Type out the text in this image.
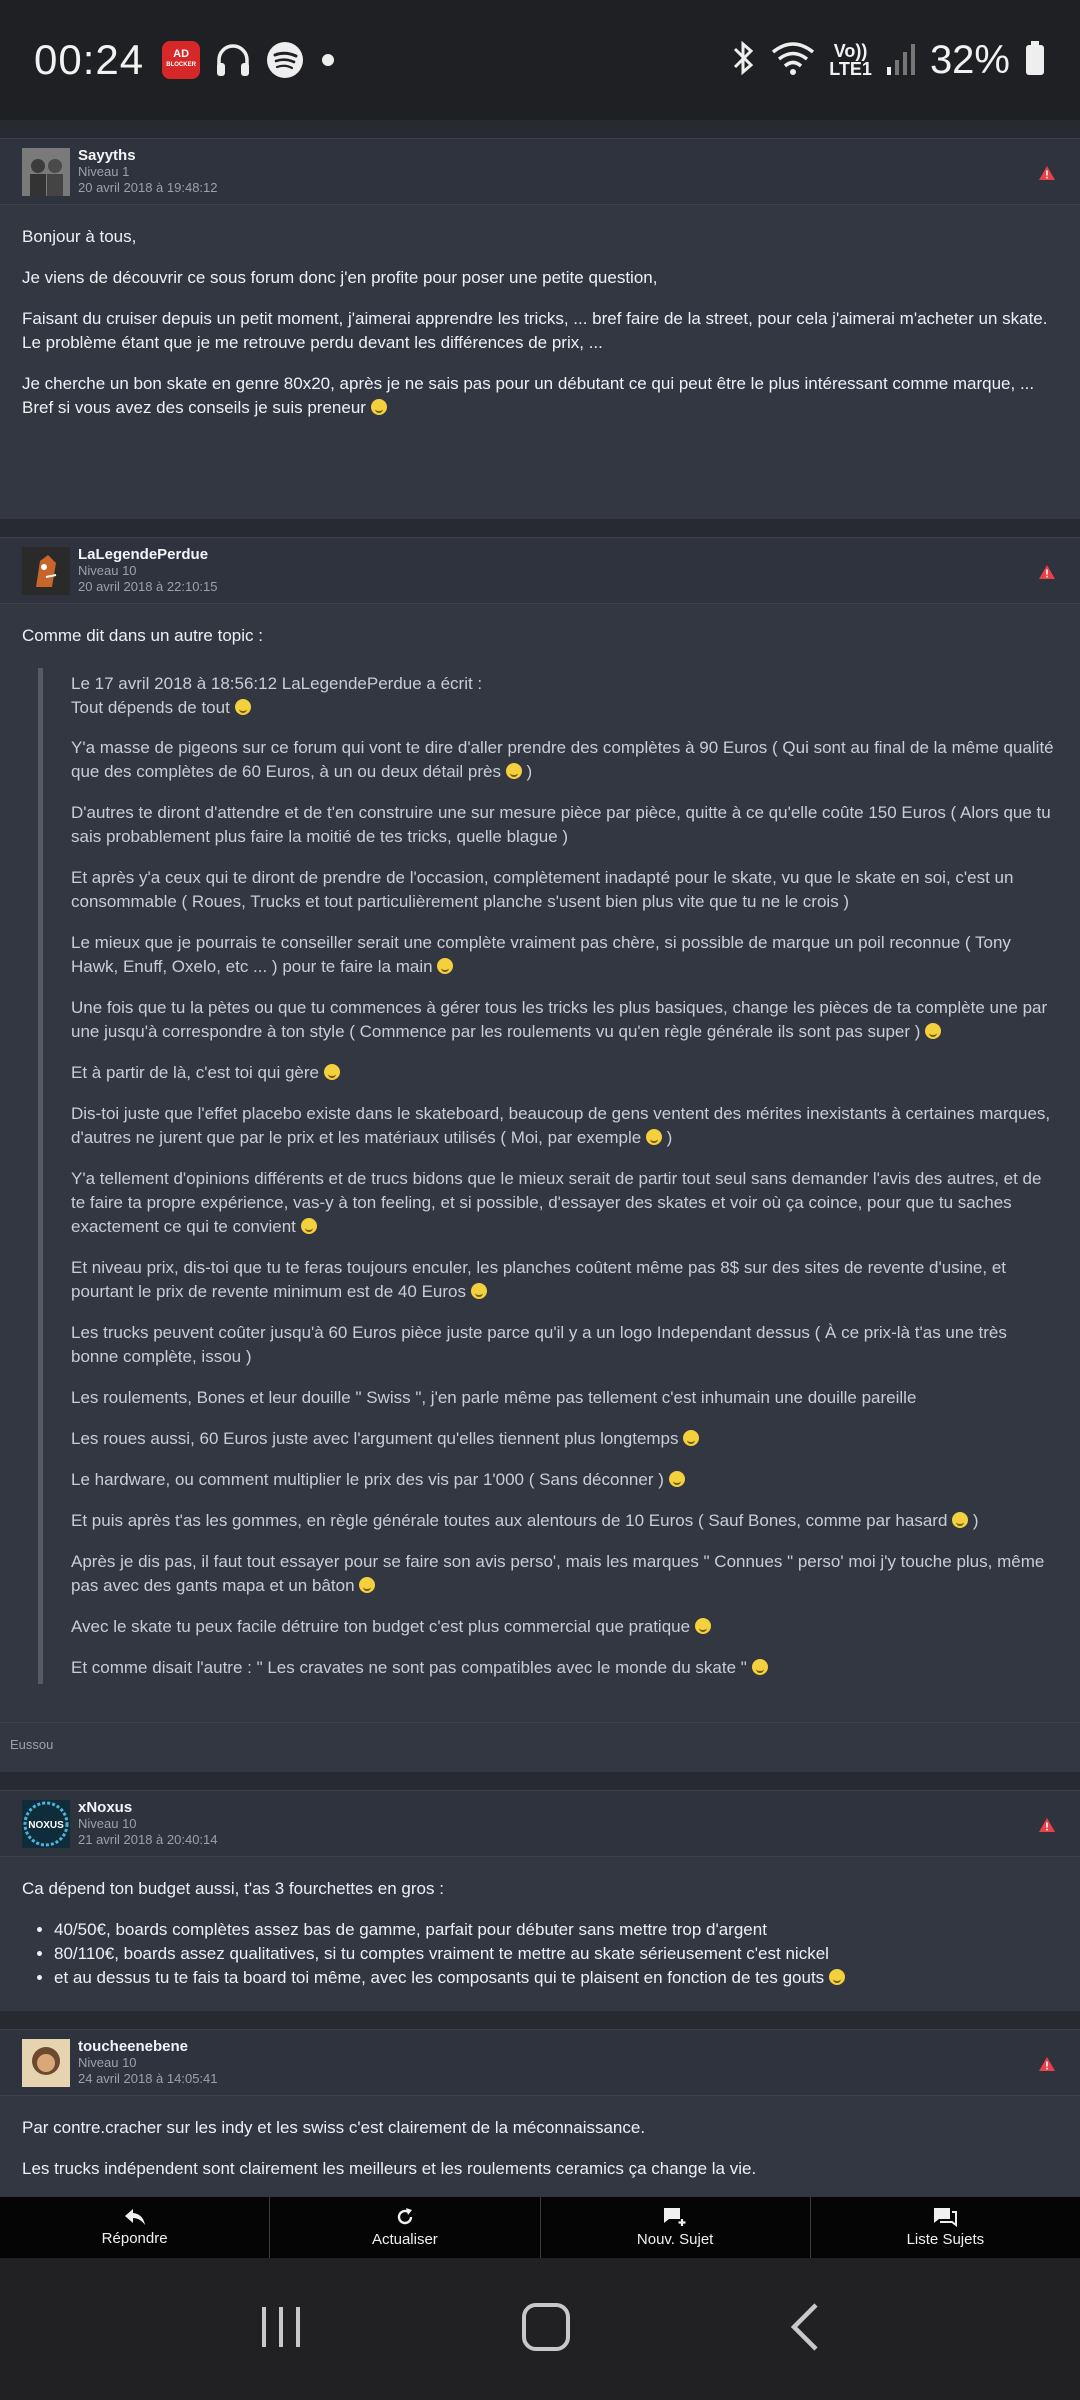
00:24	AD
BLOCKER
Vo))
LTE1 32%
Sayyths
Niveau 1
20 avril 2018 à 19:48:12

Bonjour à tous,

Je viens de découvrir ce sous forum donc j'en profite pour poser une petite question,

Faisant du cruiser depuis un petit moment, j'aimerai apprendre les tricks, ... bref faire de la street, pour cela j'aimerai m'acheter un skate. Le problème étant que je me retrouve perdu devant les différences de prix, ...

Je cherche un bon skate en genre 80x20, après je ne sais pas pour un débutant ce qui peut être le plus intéressant comme marque, ... Bref si vous avez des conseils je suis preneur

LaLegendePerdue
Niveau 10
20 avril 2018 à 22:10:15

Comme dit dans un autre topic :

Le 17 avril 2018 à 18:56:12 LaLegendePerdue a écrit :
Tout dépends de tout

Y'a masse de pigeons sur ce forum qui vont te dire d'aller prendre des complètes à 90 Euros ( Qui sont au final de la même qualité que des complètes de 60 Euros, à un ou deux détail près  )

D'autres te diront d'attendre et de t'en construire une sur mesure pièce par pièce, quitte à ce qu'elle coûte 150 Euros ( Alors que tu sais probablement plus faire la moitié de tes tricks, quelle blague )

Et après y'a ceux qui te diront de prendre de l'occasion, complètement inadapté pour le skate, vu que le skate en soi, c'est un consommable ( Roues, Trucks et tout particulièrement planche s'usent bien plus vite que tu ne le crois )

Le mieux que je pourrais te conseiller serait une complète vraiment pas chère, si possible de marque un poil reconnue ( Tony Hawk, Enuff, Oxelo, etc ... ) pour te faire la main

Une fois que tu la pètes ou que tu commences à gérer tous les tricks les plus basiques, change les pièces de ta complète une par une jusqu'à correspondre à ton style ( Commence par les roulements vu qu'en règle générale ils sont pas super )

Et à partir de là, c'est toi qui gère

Dis-toi juste que l'effet placebo existe dans le skateboard, beaucoup de gens ventent des mérites inexistants à certaines marques, d'autres ne jurent que par le prix et les matériaux utilisés ( Moi, par exemple  )

Y'a tellement d'opinions différents et de trucs bidons que le mieux serait de partir tout seul sans demander l'avis des autres, et de te faire ta propre expérience, vas-y à ton feeling, et si possible, d'essayer des skates et voir où ça coince, pour que tu saches exactement ce qui te convient

Et niveau prix, dis-toi que tu te feras toujours enculer, les planches coûtent même pas 8$ sur des sites de revente d'usine, et pourtant le prix de revente minimum est de 40 Euros

Les trucks peuvent coûter jusqu'à 60 Euros pièce juste parce qu'il y a un logo Independant dessus ( À ce prix-là t'as une très bonne complète, issou )

Les roulements, Bones et leur douille " Swiss ", j'en parle même pas tellement c'est inhumain une douille pareille

Les roues aussi, 60 Euros juste avec l'argument qu'elles tiennent plus longtemps

Le hardware, ou comment multiplier le prix des vis par 1'000 ( Sans déconner )

Et puis après t'as les gommes, en règle générale toutes aux alentours de 10 Euros ( Sauf Bones, comme par hasard  )

Après je dis pas, il faut tout essayer pour se faire son avis perso', mais les marques " Connues " perso' moi j'y touche plus, même pas avec des gants mapa et un bâton

Avec le skate tu peux facile détruire ton budget c'est plus commercial que pratique

Et comme disait l'autre : " Les cravates ne sont pas compatibles avec le monde du skate "

Eussou
NOXUS
xNoxus
Niveau 10
21 avril 2018 à 20:40:14

Ca dépend ton budget aussi, t'as 3 fourchettes en gros :

• 40/50€, boards complètes assez bas de gamme, parfait pour débuter sans mettre trop d'argent
• 80/110€, boards assez qualitatives, si tu comptes vraiment te mettre au skate sérieusement c'est nickel
• et au dessus tu te fais ta board toi même, avec les composants qui te plaisent en fonction de tes gouts
toucheenebene
Niveau 10
24 avril 2018 à 14:05:41

Par contre.cracher sur les indy et les swiss c'est clairement de la méconnaissance.

Les trucks indépendent sont clairement les meilleurs et les roulements ceramics ça change la vie.

Répondre	Actualiser	Nouv. Sujet	Liste Sujets
